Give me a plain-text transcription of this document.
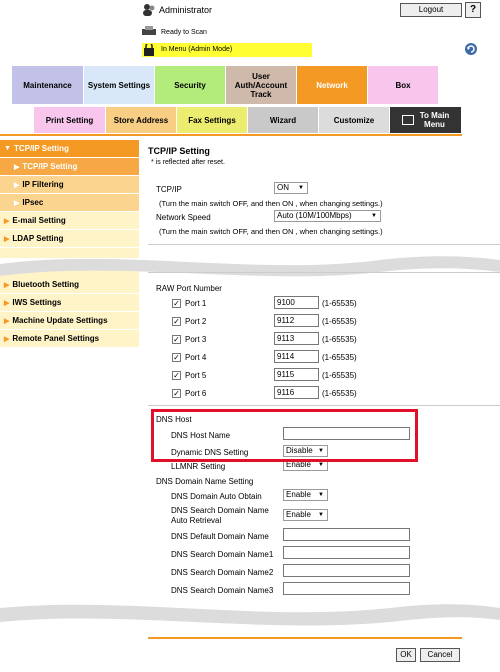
Administrator	Logout	?
Ready to Scan
In Menu (Admin Mode)
Maintenance System Settings	Security
User Auth/Account Track
Network	Box
Print Setting	Store Address	Fax Settings	Wizard	Customize	To Main Menu
▼ TCP/IP Setting
▶ TCP/IP Setting
▶ IP Filtering
▶ IPsec
▶ E-mail Setting
▶ LDAP Setting
▶ Bluetooth Setting
▶ IWS Settings
▶ Machine Update Settings
▶ Remote Panel Settings
TCP/IP Setting
* is reflected after reset.
TCP/IP	ON ▼
(Turn the main switch OFF, and then ON , when changing settings.)
Network Speed	Auto (10M/100Mbps)	▼
(Turn the main switch OFF, and then ON , when changing settings.)
RAW Port Number
✓ Port 1	9100	(1-65535)
✓ Port 2	9112	(1-65535)
✓ Port 3	9113	(1-65535)
✓ Port 4	9114	(1-65535)
✓ Port 5	9115	(1-65535)
✓ Port 6	9116	(1-65535)
DNS Host
DNS Host Name
Dynamic DNS Setting	Disable ▼
LLMNR Setting	Enable ▼
DNS Domain Name Setting
DNS Domain Auto Obtain	Enable ▼
DNS Search Domain Name
Auto Retrieval
Enable ▼
DNS Default Domain Name
DNS Search Domain Name1
DNS Search Domain Name2
DNS Search Domain Name3
OK	Cancel
